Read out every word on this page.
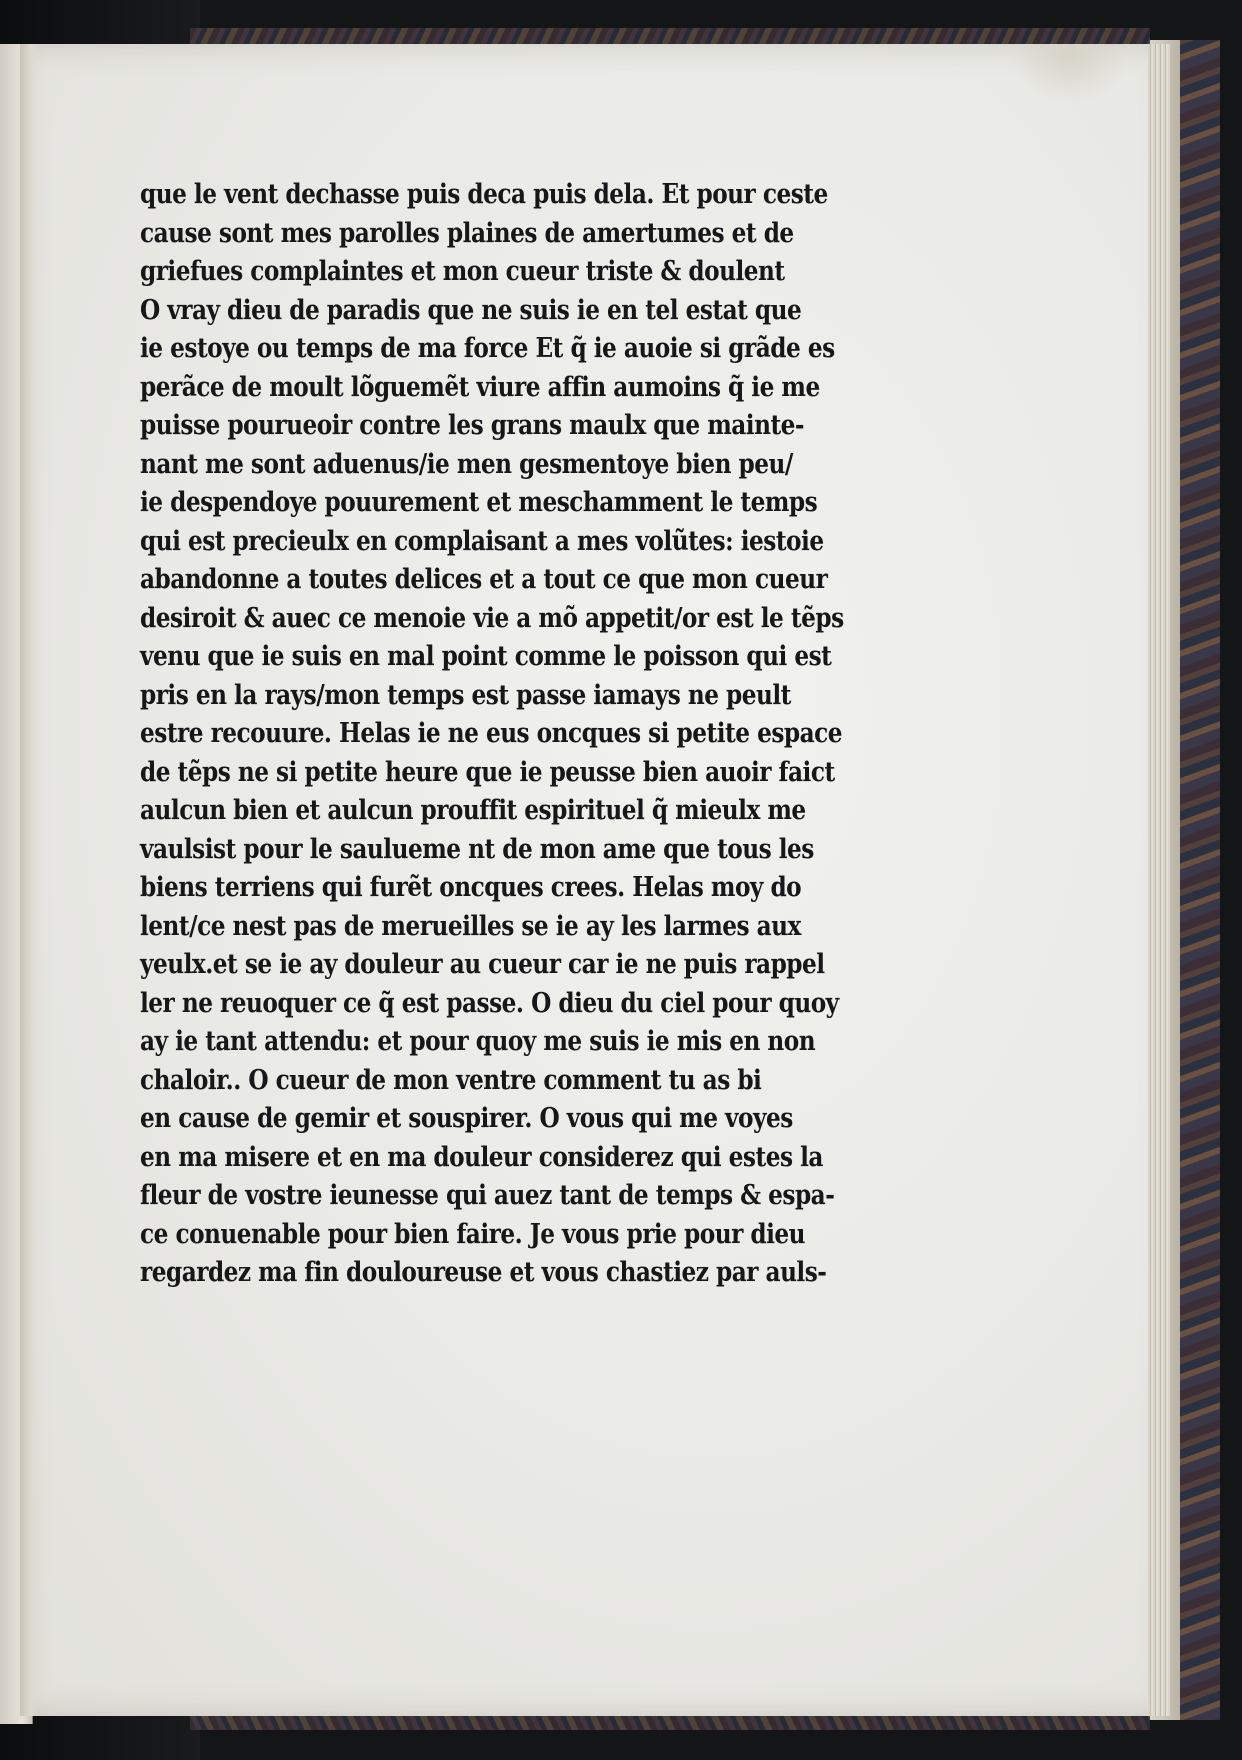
que le vent dechasse puis deca puis dela. Et pour ceste
cause sont mes parolles plaines de amertumes et de
griefues complaintes et mon cueur triste & doulent
O vray dieu de paradis que ne suis ie en tel estat que
ie estoye ou temps de ma force Et q̃ ie auoie si grãde es
perãce de moult lõguemẽt viure affin aumoins q̃ ie me
puisse pourueoir contre les grans maulx que mainte-
nant me sont aduenus/ie men gesmentoye bien peu/
ie despendoye pouurement et meschamment le temps
qui est precieulx en complaisant a mes volũtes: iestoie
abandonne a toutes delices et a tout ce que mon cueur
desiroit & auec ce menoie vie a mõ appetit/or est le tẽps
venu que ie suis en mal point comme le poisson qui est
pris en la rays/mon temps est passe iamays ne peult
estre recouure. Helas ie ne eus oncques si petite espace
de tẽps ne si petite heure que ie peusse bien auoir faict
aulcun bien et aulcun prouffit espirituel q̃ mieulx me
vaulsist pour le saulueme nt de mon ame que tous les
biens terriens qui furẽt oncques crees. Helas moy do
lent/ce nest pas de merueilles se ie ay les larmes aux
yeulx.et se ie ay douleur au cueur car ie ne puis rappel
ler ne reuoquer ce q̃ est passe. O dieu du ciel pour quoy
ay ie tant attendu: et pour quoy me suis ie mis en non
chaloir.. O cueur de mon ventre comment tu as bi
en cause de gemir et souspirer. O vous qui me voyes
en ma misere et en ma douleur considerez qui estes la
fleur de vostre ieunesse qui auez tant de temps & espa-
ce conuenable pour bien faire. Je vous prie pour dieu
regardez ma fin douloureuse et vous chastiez par auls-
